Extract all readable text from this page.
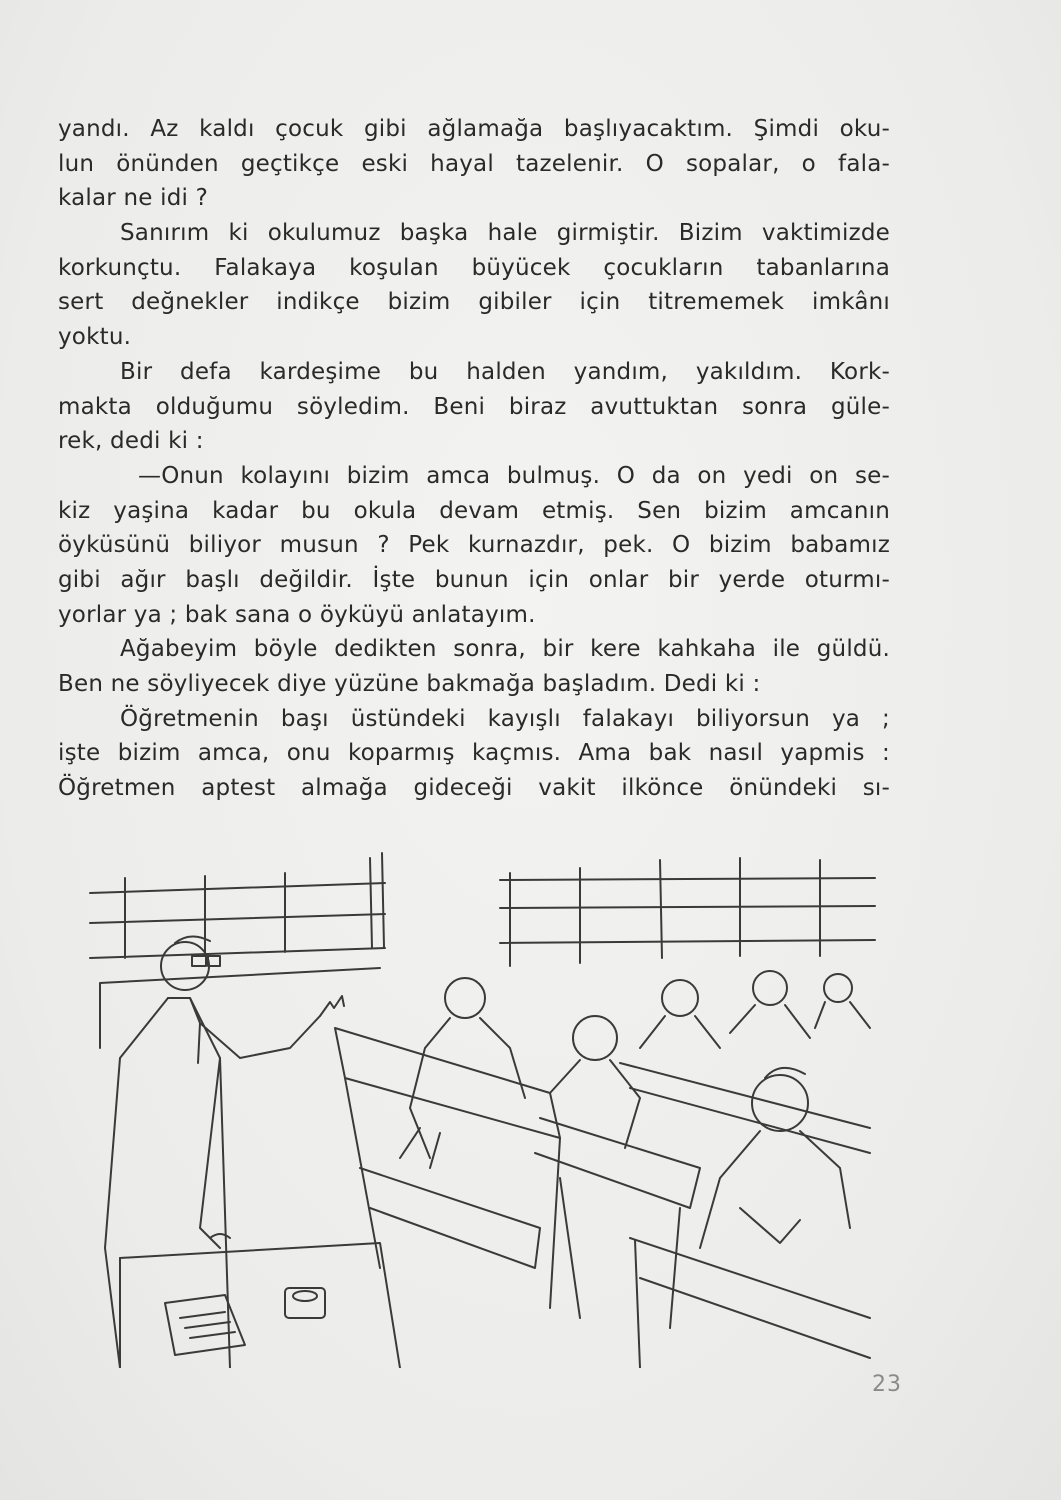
yandı. Az kaldı çocuk gibi ağlamağa başlıyacaktım. Şimdi oku-
lun önünden geçtikçe eski hayal tazelenir. O sopalar, o fala-
kalar ne idi ?
Sanırım ki okulumuz başka hale girmiştir. Bizim vaktimizde
korkunçtu. Falakaya koşulan büyücek çocukların tabanlarına
sert değnekler indikçe bizim gibiler için titrememek imkânı
yoktu.
Bir defa kardeşime bu halden yandım, yakıldım. Kork-
makta olduğumu söyledim. Beni biraz avuttuktan sonra güle-
rek, dedi ki :
—Onun kolayını bizim amca bulmuş. O da on yedi on se-
kiz yaşina kadar bu okula devam etmiş. Sen bizim amcanın
öyküsünü biliyor musun ? Pek kurnazdır, pek. O bizim babamız
gibi ağır başlı değildir. İşte bunun için onlar bir yerde oturmı-
yorlar ya ; bak sana o öyküyü anlatayım.
Ağabeyim böyle dedikten sonra, bir kere kahkaha ile güldü.
Ben ne söyliyecek diye yüzüne bakmağa başladım. Dedi ki :
Öğretmenin başı üstündeki kayışlı falakayı biliyorsun ya ;
işte bizim amca, onu koparmış kaçmıs. Ama bak nasıl yapmis :
Öğretmen aptest almağa gideceği vakit ilkönce önündeki sı-
23
